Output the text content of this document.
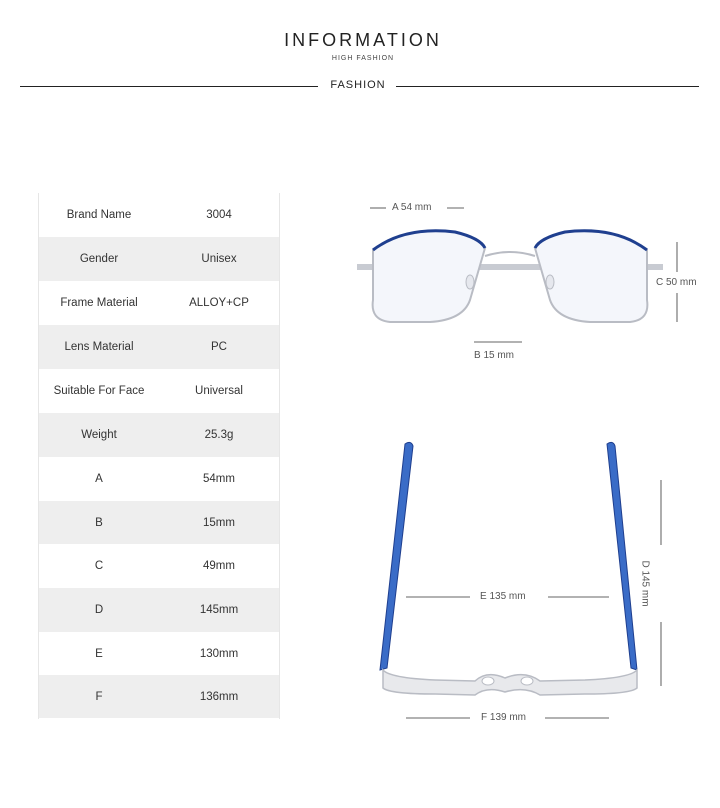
INFORMATION
HIGH FASHION
FASHION
Brand Name	3004
Gender	Unisex
Frame Material	ALLOY+CP
Lens Material	PC
Suitable For Face	Universal
Weight	25.3g
A	54mm
B	15mm
C	49mm
D	145mm
E	130mm
F	136mm
A 54 mm
B 15 mm
C 50 mm
D 145 mm
E 135 mm
F 139 mm
